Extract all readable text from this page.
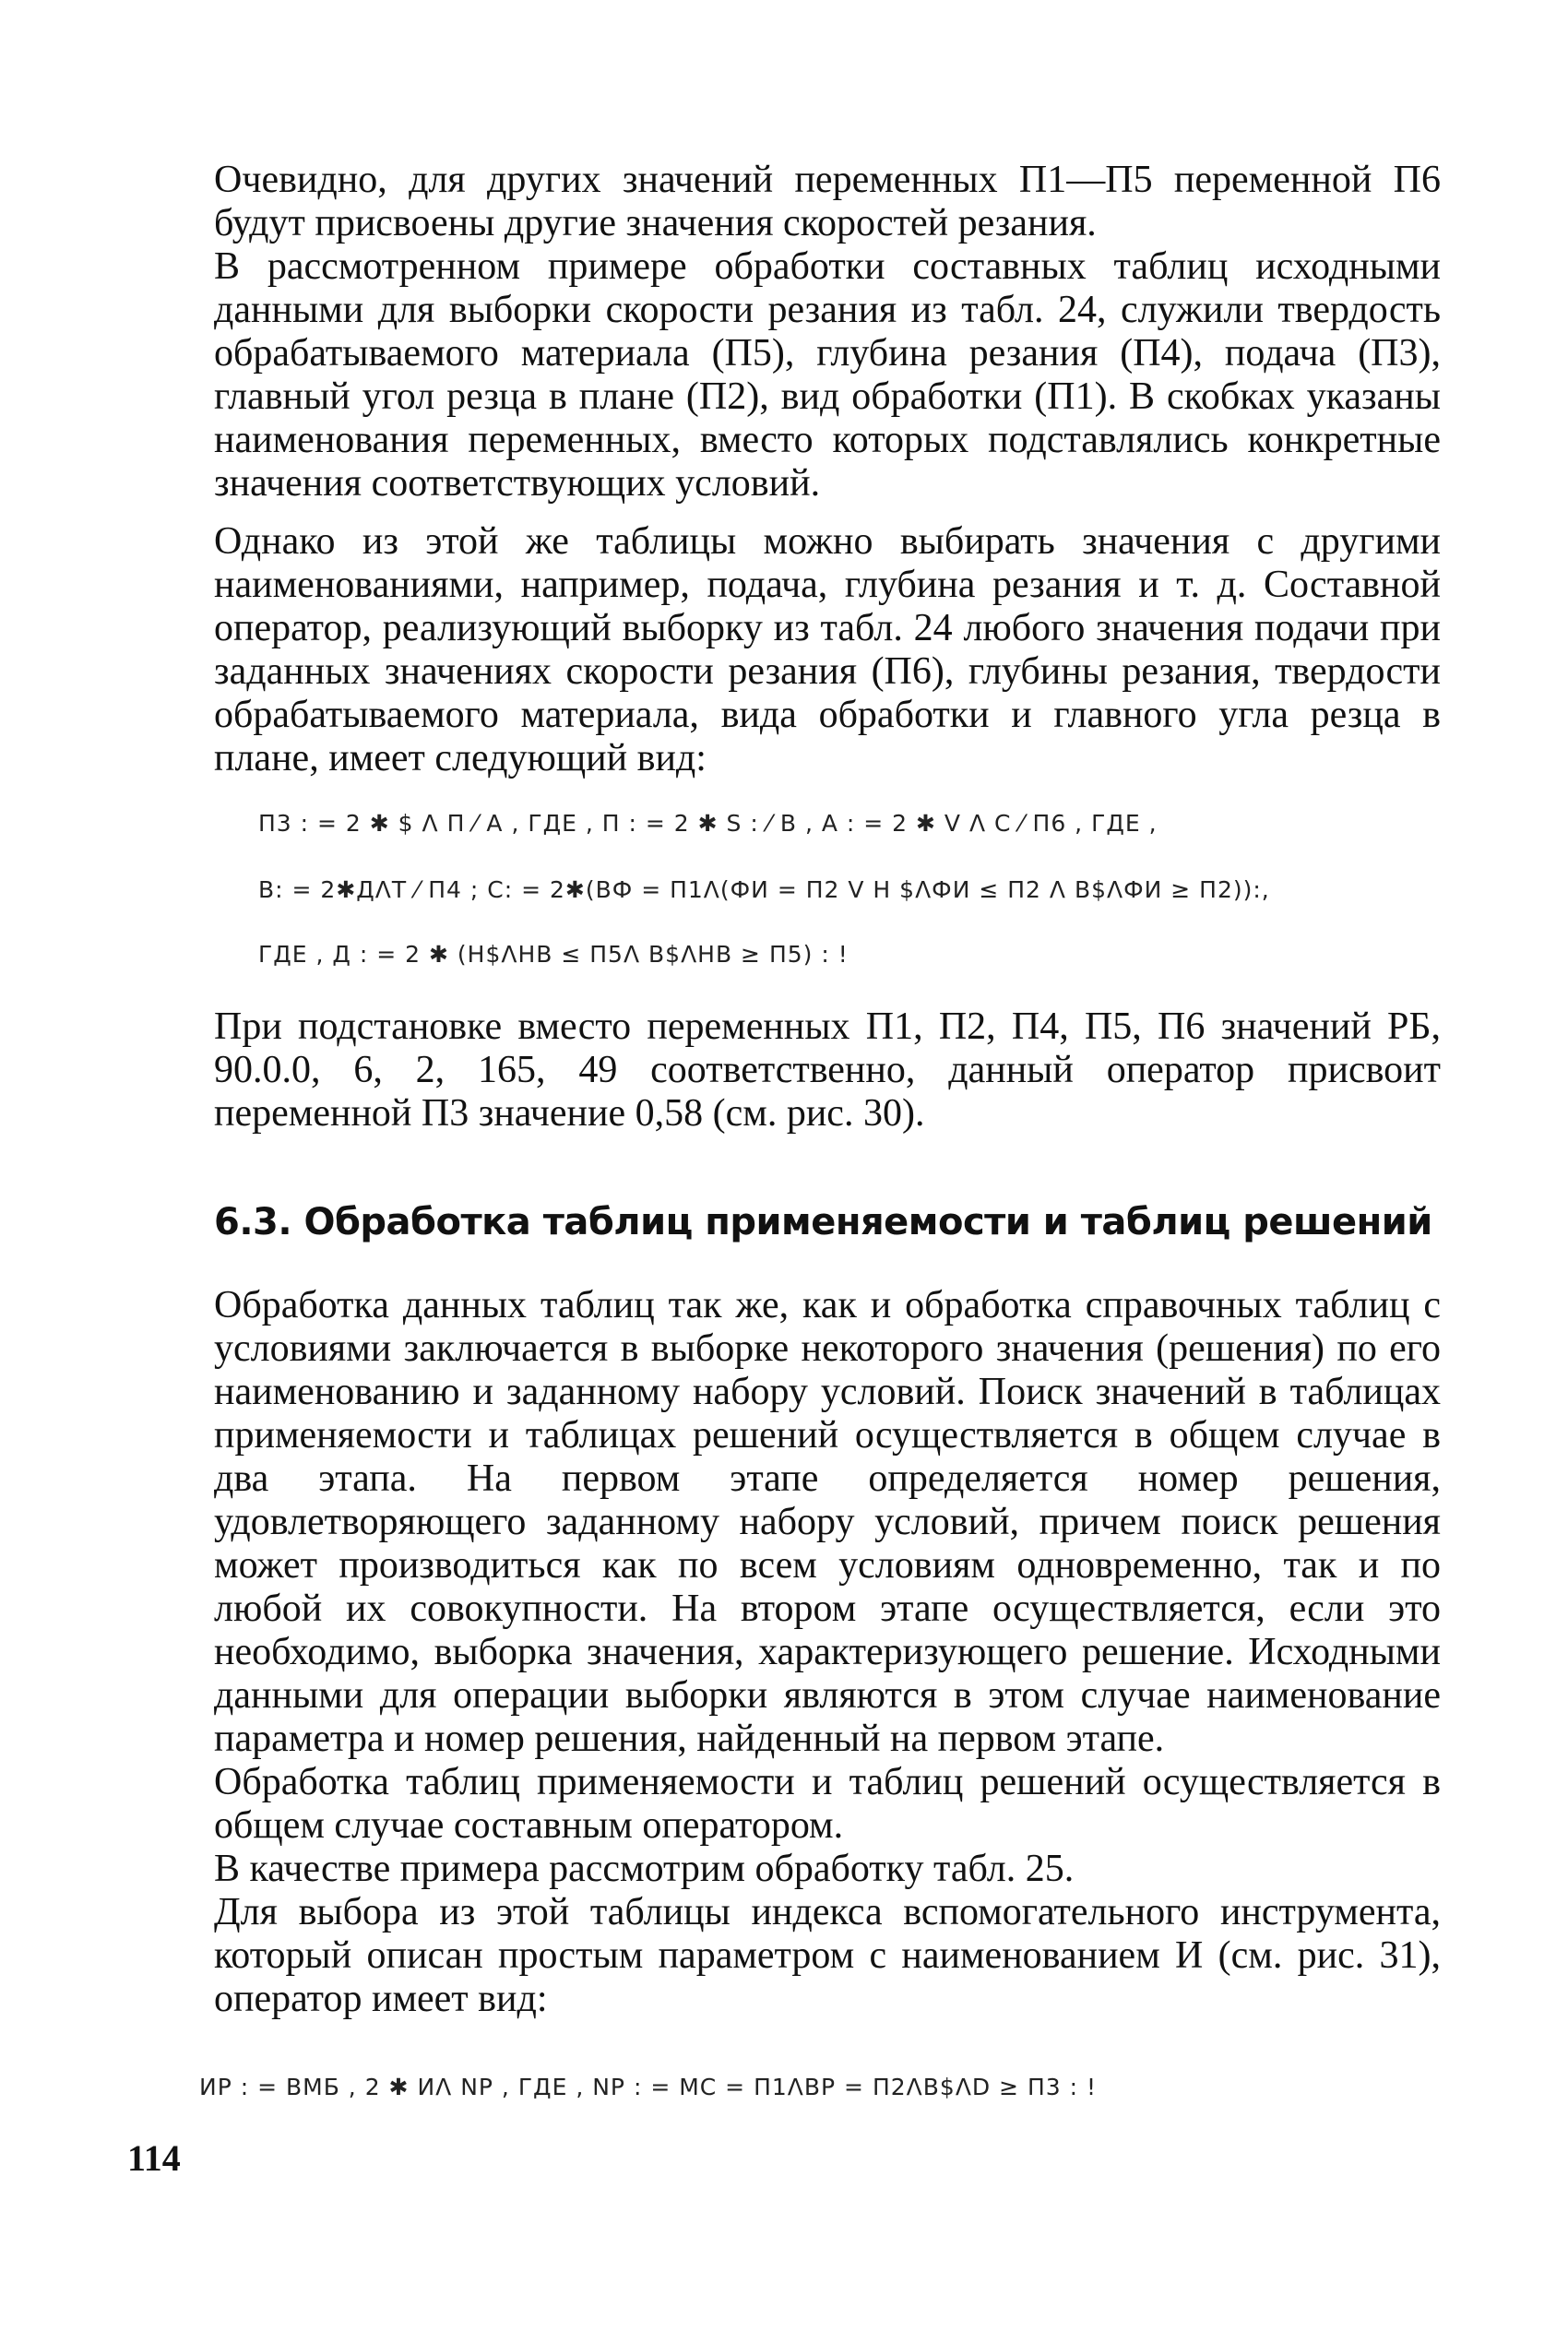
Очевидно, для других значений переменных П1—П5 переменной П6 будут присвоены другие значения скоростей резания.

В рассмотренном примере обработки составных таблиц исходными данными для выборки скорости резания из табл. 24, служили твердость обрабатываемого материала (П5), глубина резания (П4), подача (П3), главный угол резца в плане (П2), вид обработки (П1). В скобках указаны наименования переменных, вместо которых подставлялись конкретные значения соответствующих условий.

Однако из этой же таблицы можно выбирать значения с другими наименованиями, например, подача, глубина резания и т. д. Составной оператор, реализующий выборку из табл. 24 любого значения подачи при заданных значениях скорости резания (П6), глубины резания, твердости обрабатываемого материала, вида обработки и главного угла резца в плане, имеет следующий вид:

П3 : = 2 ✱ $ Λ П ⁄ А , ГДЕ , П : = 2 ✱ S : ⁄ В , А : = 2 ✱ V Λ С ⁄ П6 , ГДЕ ,
В: = 2✱ДΛТ ⁄ П4 ; С: = 2✱(ВФ = П1Λ(ФИ = П2 V Н $ΛФИ ≤ П2 Λ В$ΛФИ ≥ П2)):,
ГДЕ , Д : = 2 ✱ (Н$ΛНВ ≤ П5Λ В$ΛНВ ≥ П5) : !

При подстановке вместо переменных П1, П2, П4, П5, П6 значений РБ, 90.0.0, 6, 2, 165, 49 соответственно, данный оператор присвоит переменной П3 значение 0,58 (см. рис. 30).

6.3. Обработка таблиц применяемости и таблиц решений

Обработка данных таблиц так же, как и обработка справочных таблиц с условиями заключается в выборке некоторого значения (решения) по его наименованию и заданному набору условий. Поиск значений в таблицах применяемости и таблицах решений осуществляется в общем случае в два этапа. На первом этапе определяется номер решения, удовлетворяющего заданному набору условий, причем поиск решения может производиться как по всем условиям одновременно, так и по любой их совокупности. На втором этапе осуществляется, если это необходимо, выборка значения, характеризующего решение. Исходными данными для операции выборки являются в этом случае наименование параметра и номер решения, найденный на первом этапе.

Обработка таблиц применяемости и таблиц решений осуществляется в общем случае составным оператором.

В качестве примера рассмотрим обработку табл. 25.

Для выбора из этой таблицы индекса вспомогательного инструмента, который описан простым параметром с наименованием И (см. рис. 31), оператор имеет вид:

ИР : = ВМБ , 2 ✱ ИΛ NР , ГДЕ , NР : = МС = П1ΛВР = П2ΛВ$ΛD ≥ П3 : !
114
